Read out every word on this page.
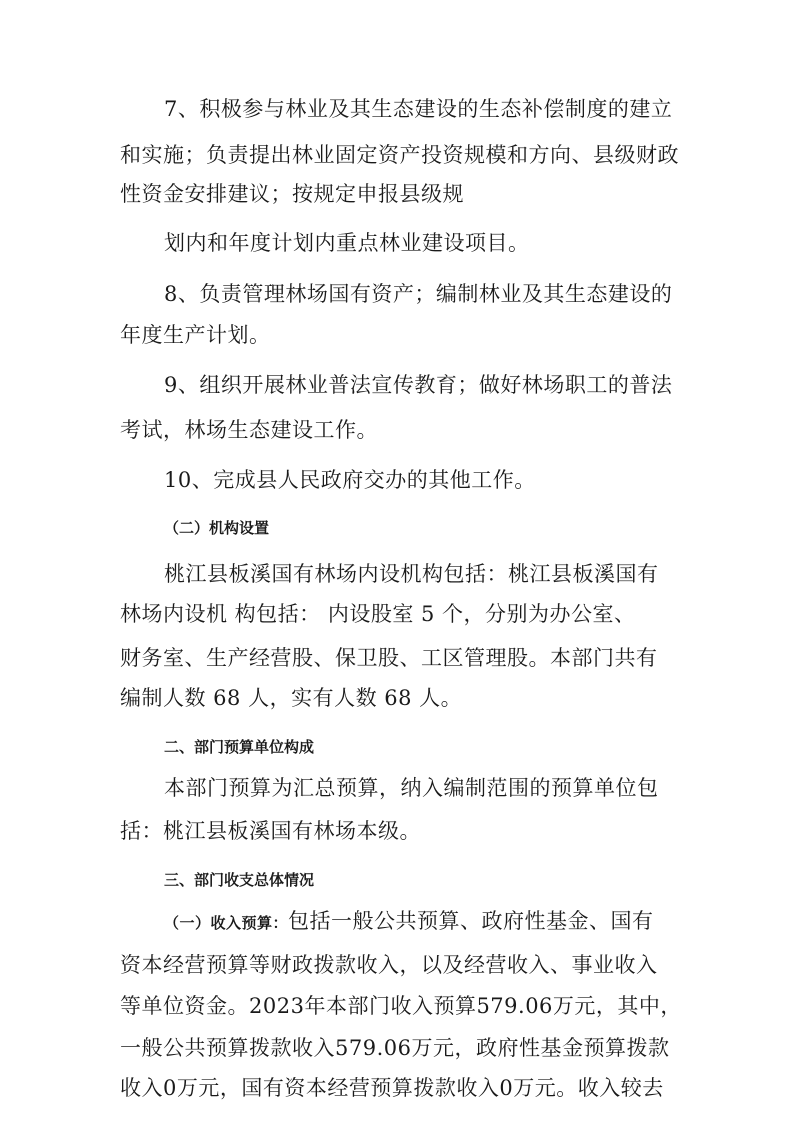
7、积极参与林业及其生态建设的生态补偿制度的建立
和实施；负责提出林业固定资产投资规模和方向、县级财政
性资金安排建议；按规定申报县级规
划内和年度计划内重点林业建设项目。
8、负责管理林场国有资产；编制林业及其生态建设的
年度生产计划。
9、组织开展林业普法宣传教育；做好林场职工的普法
考试，林场生态建设工作。
10、完成县人民政府交办的其他工作。
（二）机构设置
桃江县板溪国有林场内设机构包括：桃江县板溪国有
林场内设机 构包括： 内设股室 5 个，分别为办公室、
财务室、生产经营股、保卫股、工区管理股。本部门共有
编制人数 68 人，实有人数 68 人。
二、部门预算单位构成
本部门预算为汇总预算，纳入编制范围的预算单位包
括：桃江县板溪国有林场本级。
三、部门收支总体情况
（一）收入预算：包括一般公共预算、政府性基金、国有
资本经营预算等财政拨款收入，以及经营收入、事业收入
等单位资金。2023年本部门收入预算579.06万元，其中，
一般公共预算拨款收入579.06万元，政府性基金预算拨款
收入0万元，国有资本经营预算拨款收入0万元。收入较去
